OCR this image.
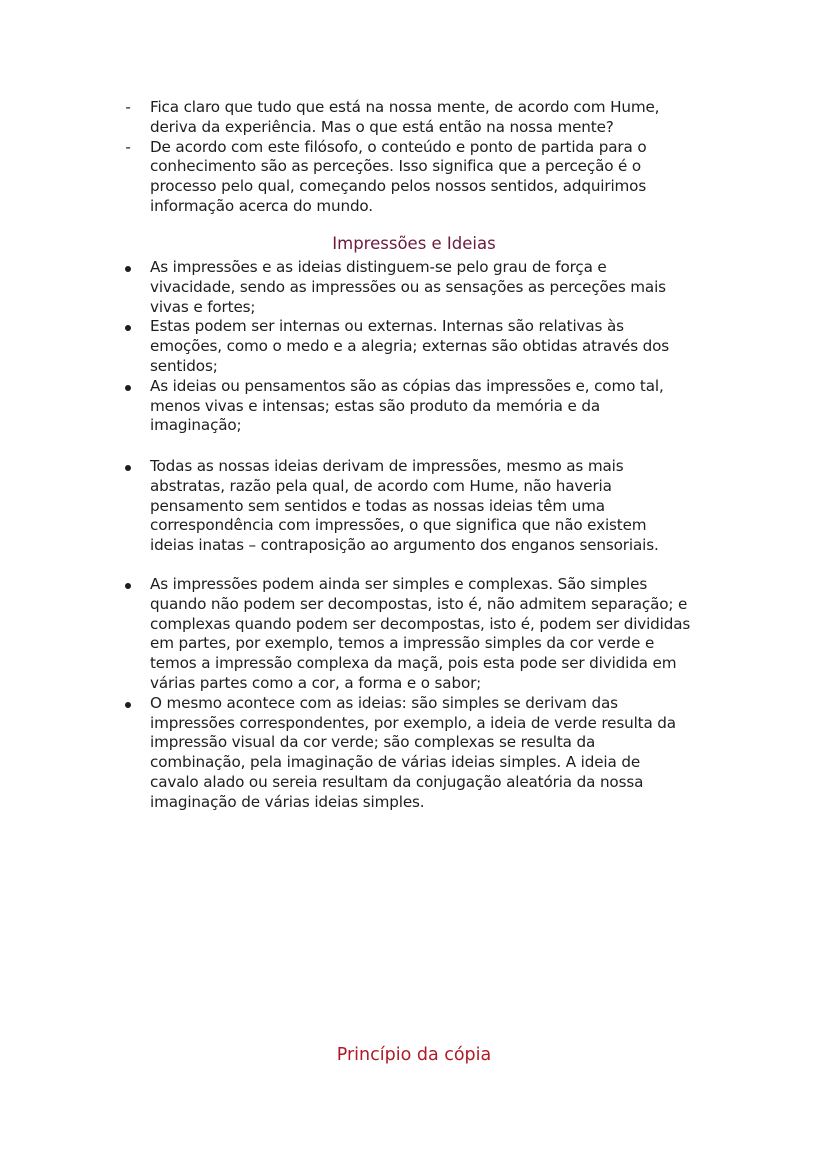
- Fica claro que tudo que está na nossa mente, de acordo com Hume,
deriva da experiência. Mas o que está então na nossa mente?
- De acordo com este filósofo, o conteúdo e ponto de partida para o
conhecimento são as perceções. Isso significa que a perceção é o
processo pelo qual, começando pelos nossos sentidos, adquirimos
informação acerca do mundo.
Impressões e Ideias
As impressões e as ideias distinguem-se pelo grau de força e
vivacidade, sendo as impressões ou as sensações as perceções mais
vivas e fortes;
Estas podem ser internas ou externas. Internas são relativas às
emoções, como o medo e a alegria; externas são obtidas através dos
sentidos;
As ideias ou pensamentos são as cópias das impressões e, como tal,
menos vivas e intensas; estas são produto da memória e da
imaginação;
Todas as nossas ideias derivam de impressões, mesmo as mais
abstratas, razão pela qual, de acordo com Hume, não haveria
pensamento sem sentidos e todas as nossas ideias têm uma
correspondência com impressões, o que significa que não existem
ideias inatas – contraposição ao argumento dos enganos sensoriais.
As impressões podem ainda ser simples e complexas. São simples
quando não podem ser decompostas, isto é, não admitem separação; e
complexas quando podem ser decompostas, isto é, podem ser divididas
em partes, por exemplo, temos a impressão simples da cor verde e
temos a impressão complexa da maçã, pois esta pode ser dividida em
várias partes como a cor, a forma e o sabor;
O mesmo acontece com as ideias: são simples se derivam das
impressões correspondentes, por exemplo, a ideia de verde resulta da
impressão visual da cor verde; são complexas se resulta da
combinação, pela imaginação de várias ideias simples. A ideia de
cavalo alado ou sereia resultam da conjugação aleatória da nossa
imaginação de várias ideias simples.
Princípio da cópia
